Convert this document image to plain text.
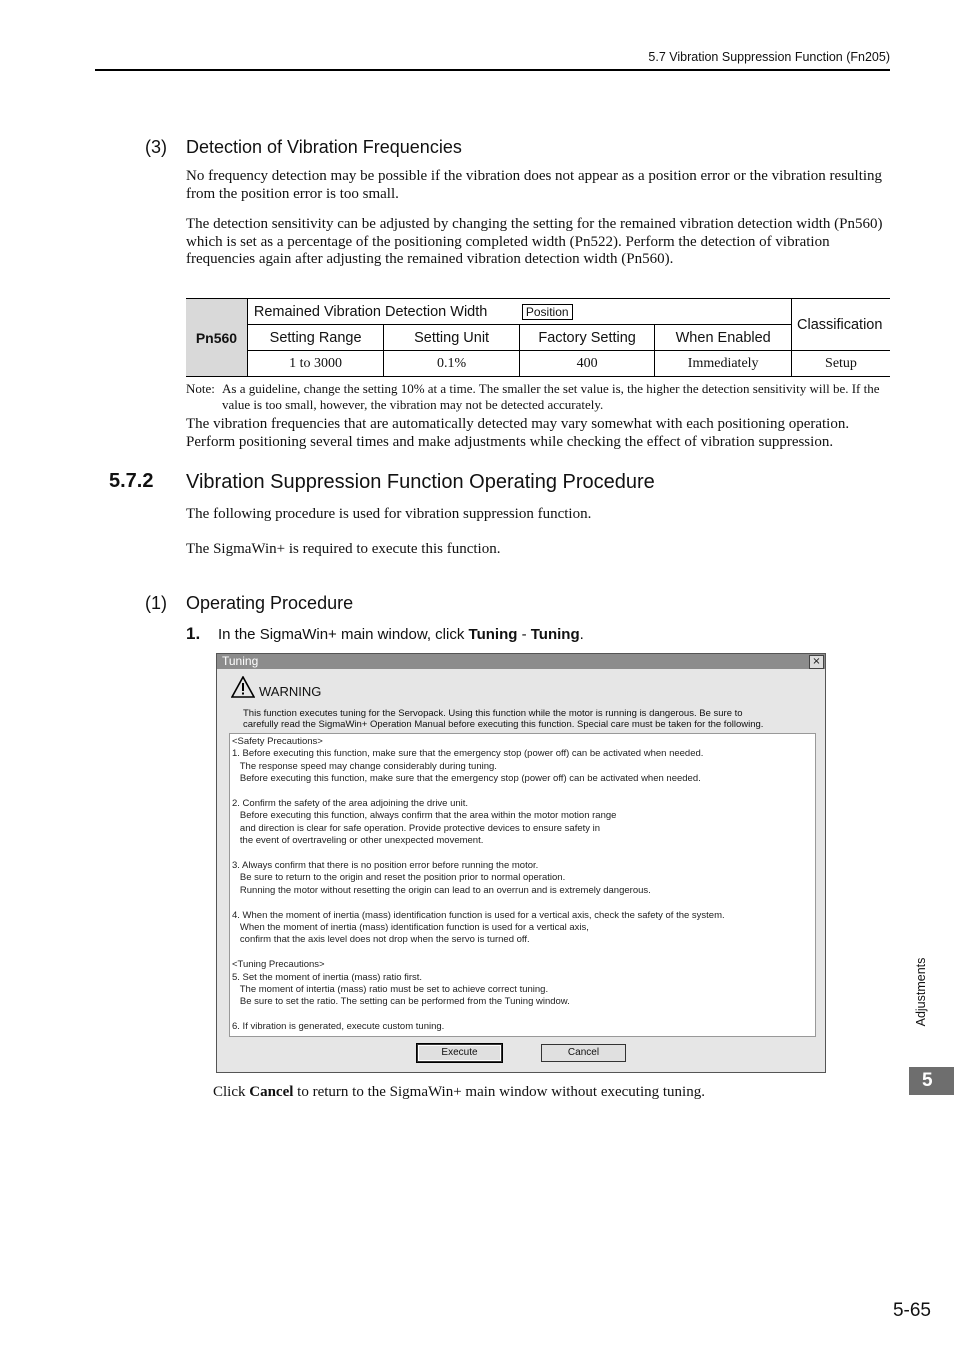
5.7 Vibration Suppression Function (Fn205)
(3) Detection of Vibration Frequencies
No frequency detection may be possible if the vibration does not appear as a position error or the vibration resulting from the position error is too small.
The detection sensitivity can be adjusted by changing the setting for the remained vibration detection width (Pn560) which is set as a percentage of the positioning completed width (Pn522). Perform the detection of vibration frequencies again after adjusting the remained vibration detection width (Pn560).
Pn560	Remained Vibration Detection Width Position				Classification
	Setting Range	Setting Unit	Factory Setting	When Enabled	
	1 to 3000	0.1%	400	Immediately	Setup
Note: As a guideline, change the setting 10% at a time. The smaller the set value is, the higher the detection sensitivity will be. If the value is too small, however, the vibration may not be detected accurately.
The vibration frequencies that are automatically detected may vary somewhat with each positioning operation. Perform positioning several times and make adjustments while checking the effect of vibration suppression.
5.7.2 Vibration Suppression Function Operating Procedure
The following procedure is used for vibration suppression function.
The SigmaWin+ is required to execute this function.
(1) Operating Procedure
1. In the SigmaWin+ main window, click Tuning - Tuning.
Tuning	×
WARNING
This function executes tuning for the Servopack. Using this function while the motor is running is dangerous. Be sure to
carefully read the SigmaWin+ Operation Manual before executing this function. Special care must be taken for the following.
<Safety Precautions>
1. Before executing this function, make sure that the emergency stop (power off) can be activated when needed.
The response speed may change considerably during tuning.
Before executing this function, make sure that the emergency stop (power off) can be activated when needed.
2. Confirm the safety of the area adjoining the drive unit.
Before executing this function, always confirm that the area within the motor motion range
and direction is clear for safe operation. Provide protective devices to ensure safety in
the event of overtraveling or other unexpected movement.
3. Always confirm that there is no position error before running the motor.
Be sure to return to the origin and reset the position prior to normal operation.
Running the motor without resetting the origin can lead to an overrun and is extremely dangerous.
4. When the moment of inertia (mass) identification function is used for a vertical axis, check the safety of the system.
When the moment of inertia (mass) identification function is used for a vertical axis,
confirm that the axis level does not drop when the servo is turned off.
<Tuning Precautions>
5. Set the moment of inertia (mass) ratio first.
The moment of intertia (mass) ratio must be set to achieve correct tuning.
Be sure to set the ratio. The setting can be performed from the Tuning window.
6. If vibration is generated, execute custom tuning.
Execute	Cancel
Click Cancel to return to the SigmaWin+ main window without executing tuning.
Adjustments
5
5-65
